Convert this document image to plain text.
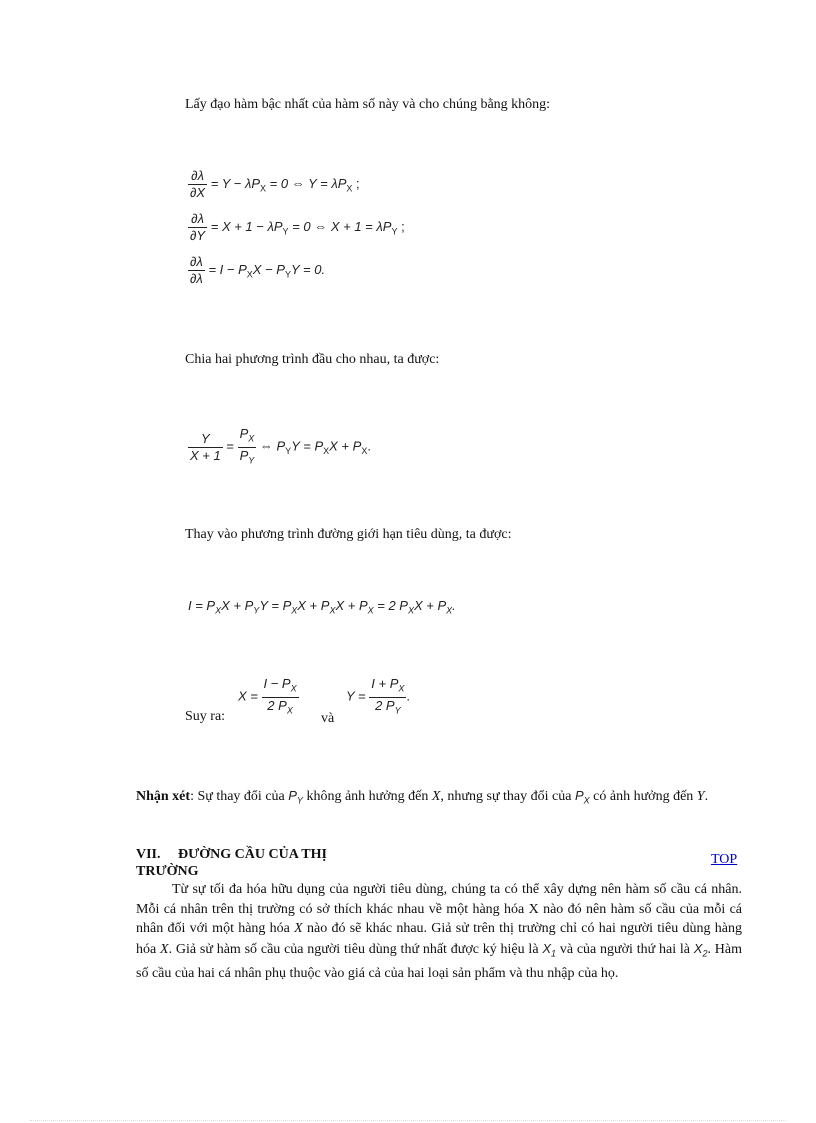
Lấy đạo hàm bậc nhất của hàm số này và cho chúng bằng không:
$\frac{\partial\lambda}{\partial X} = Y - \lambda P_X = 0$ ⇔ $Y = \lambda P_X$ ;
$\frac{\partial\lambda}{\partial Y} = X + 1 - \lambda P_Y = 0$ ⇔ $X + 1 = \lambda P_Y$ ;
$\frac{\partial\lambda}{\partial\lambda} = I - P_XX - P_YY = 0$.
Chia hai phương trình đầu cho nhau, ta được:
$\frac{Y}{X + 1} = \frac{P_X}{P_Y}$ ⇔ $P_YY = P_XX + P_X$.
Thay vào phương trình đường giới hạn tiêu dùng, ta được:
$I = P_XX + P_YY = P_XX + P_XX + P_X = 2$ $P_XX + P_X$.
Suy ra:
$X = \frac{I - P_X}{2 P_X}$
và
$Y = \frac{I + P_X}{2 P_Y}$ .
Nhận xét: Sự thay đổi của $P_Y$ không ảnh hưởng đến X, nhưng sự thay đổi của $P_X$ có ảnh hưởng đến Y.
VII. ĐƯỜNG CẦU CỦA THỊ
TRƯỜNG
TOP
Từ sự tối đa hóa hữu dụng của người tiêu dùng, chúng ta có thể xây dựng nên hàm số cầu cá nhân. Mỗi cá nhân trên thị trường có sở thích khác nhau về một hàng hóa X nào đó nên hàm số cầu của mỗi cá nhân đối với một hàng hóa X nào đó sẽ khác nhau. Giả sử trên thị trường chỉ có hai người tiêu dùng hàng hóa X. Giả sử hàm số cầu của người tiêu dùng thứ nhất được ký hiệu là $X_1$ và của người thứ hai là $X_2$. Hàm số cầu của hai cá nhân phụ thuộc vào giá cả của hai loại sản phẩm và thu nhập của họ.
